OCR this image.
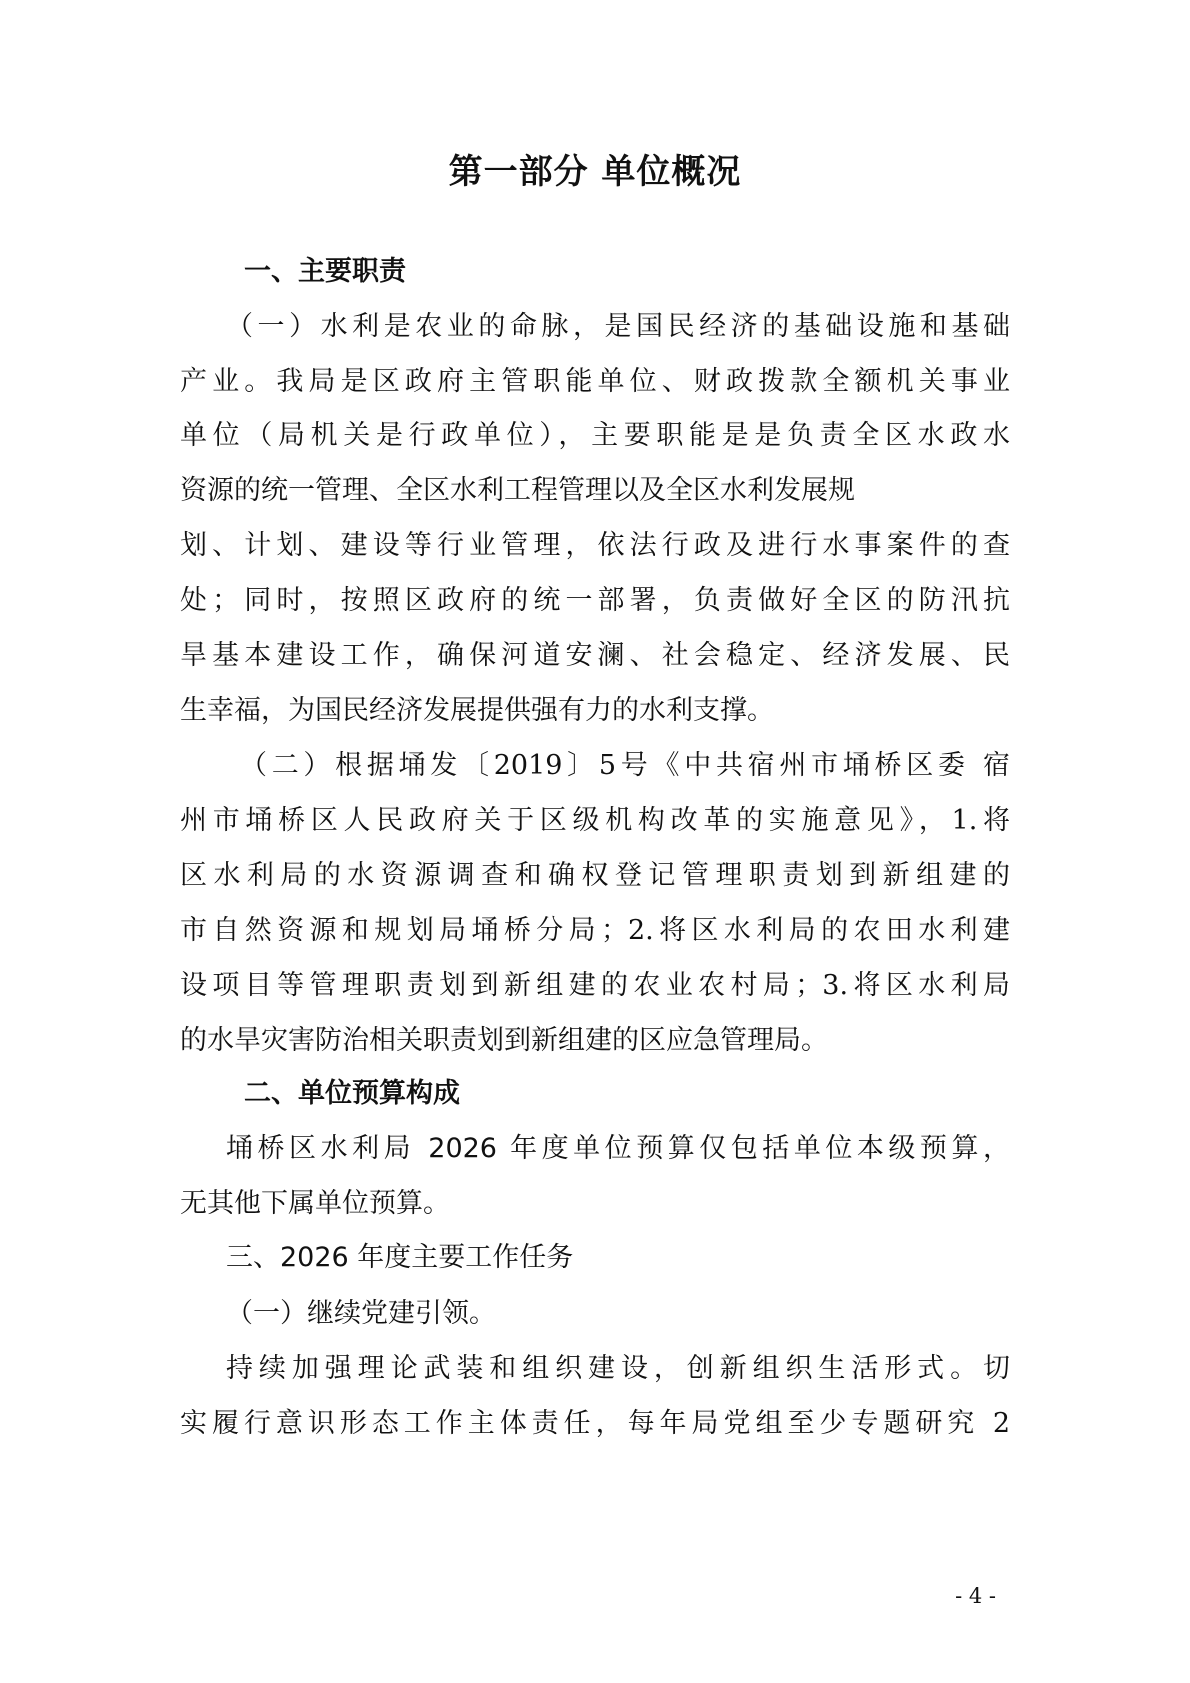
第一部分 单位概况
一、主要职责
（一）水利是农业的命脉，是国民经济的基础设施和基础
产业。我局是区政府主管职能单位、财政拨款全额机关事业
单位（局机关是行政单位），主要职能是是负责全区水政水
资源的统一管理、全区水利工程管理以及全区水利发展规
划、计划、建设等行业管理，依法行政及进行水事案件的查
处；同时，按照区政府的统一部署，负责做好全区的防汛抗
旱基本建设工作，确保河道安澜、社会稳定、经济发展、民
生幸福，为国民经济发展提供强有力的水利支撑。
（二）根据埇发〔2019〕5号《中共宿州市埇桥区委 宿
州市埇桥区人民政府关于区级机构改革的实施意见》，1.将
区水利局的水资源调查和确权登记管理职责划到新组建的
市自然资源和规划局埇桥分局；2.将区水利局的农田水利建
设项目等管理职责划到新组建的农业农村局；3.将区水利局
的水旱灾害防治相关职责划到新组建的区应急管理局。
二、单位预算构成
埇桥区水利局 2026 年度单位预算仅包括单位本级预算，
无其他下属单位预算。
三、2026 年度主要工作任务
（一）继续党建引领。
持续加强理论武装和组织建设，创新组织生活形式。切
实履行意识形态工作主体责任，每年局党组至少专题研究 2
- 4 -
